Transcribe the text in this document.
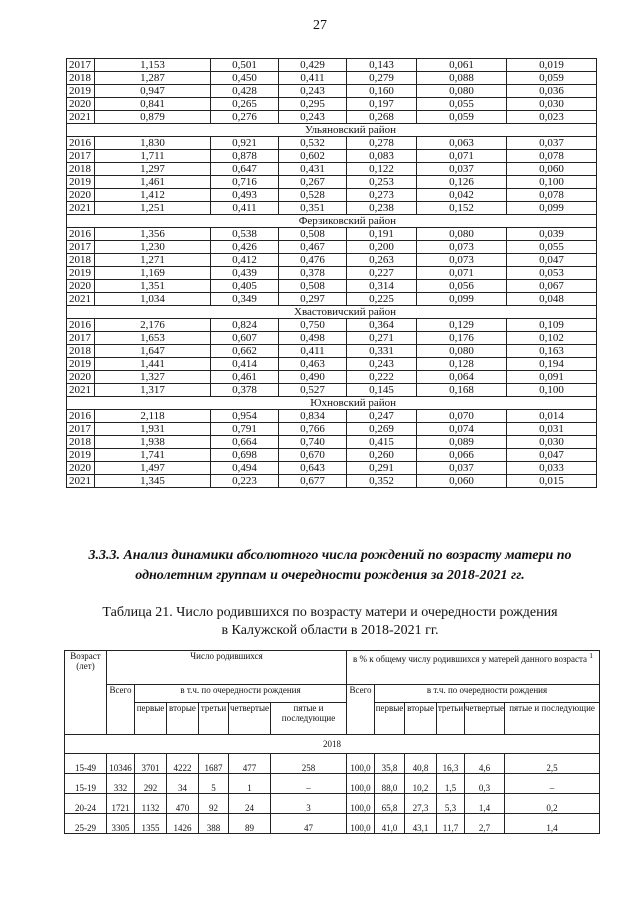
27
2017	1,153	0,501	0,429	0,143	0,061	0,019
2018	1,287	0,450	0,411	0,279	0,088	0,059
2019	0,947	0,428	0,243	0,160	0,080	0,036
2020	0,841	0,265	0,295	0,197	0,055	0,030
2021	0,879	0,276	0,243	0,268	0,059	0,023
Ульяновский район						
2016	1,830	0,921	0,532	0,278	0,063	0,037
2017	1,711	0,878	0,602	0,083	0,071	0,078
2018	1,297	0,647	0,431	0,122	0,037	0,060
2019	1,461	0,716	0,267	0,253	0,126	0,100
2020	1,412	0,493	0,528	0,273	0,042	0,078
2021	1,251	0,411	0,351	0,238	0,152	0,099
Ферзиковский район						
2016	1,356	0,538	0,508	0,191	0,080	0,039
2017	1,230	0,426	0,467	0,200	0,073	0,055
2018	1,271	0,412	0,476	0,263	0,073	0,047
2019	1,169	0,439	0,378	0,227	0,071	0,053
2020	1,351	0,405	0,508	0,314	0,056	0,067
2021	1,034	0,349	0,297	0,225	0,099	0,048
Хвастовичский район						
2016	2,176	0,824	0,750	0,364	0,129	0,109
2017	1,653	0,607	0,498	0,271	0,176	0,102
2018	1,647	0,662	0,411	0,331	0,080	0,163
2019	1,441	0,414	0,463	0,243	0,128	0,194
2020	1,327	0,461	0,490	0,222	0,064	0,091
2021	1,317	0,378	0,527	0,145	0,168	0,100
Юхновский район						
2016	2,118	0,954	0,834	0,247	0,070	0,014
2017	1,931	0,791	0,766	0,269	0,074	0,031
2018	1,938	0,664	0,740	0,415	0,089	0,030
2019	1,741	0,698	0,670	0,260	0,066	0,047
2020	1,497	0,494	0,643	0,291	0,037	0,033
2021	1,345	0,223	0,677	0,352	0,060	0,015
3.3.3. Анализ динамики абсолютного числа рождений по возрасту матери по
однолетним группам и очередности рождения за 2018-2021 гг.
Таблица 21. Число родившихся по возрасту матери и очередности рождения
в Калужской области в 2018-2021 гг.
Возраст (лет)	Число родившихся						в % к общему числу родившихся у матерей данного возраста $^1$
	Всего	в т.ч. по очередности рождения					Всего	в т.ч. по очередности рождения				
		первые	вторые	третьи	четвертые	пятые и последующие		первые	вторые	третьи	четвертые	пятые и последующие
2018												
15-49	10346	3701	4222	1687	477	258	100,0	35,8	40,8	16,3	4,6	2,5
15-19	332	292	34	5	1	–	100,0	88,0	10,2	1,5	0,3	–
20-24	1721	1132	470	92	24	3	100,0	65,8	27,3	5,3	1,4	0,2
25-29	3305	1355	1426	388	89	47	100,0	41,0	43,1	11,7	2,7	1,4
